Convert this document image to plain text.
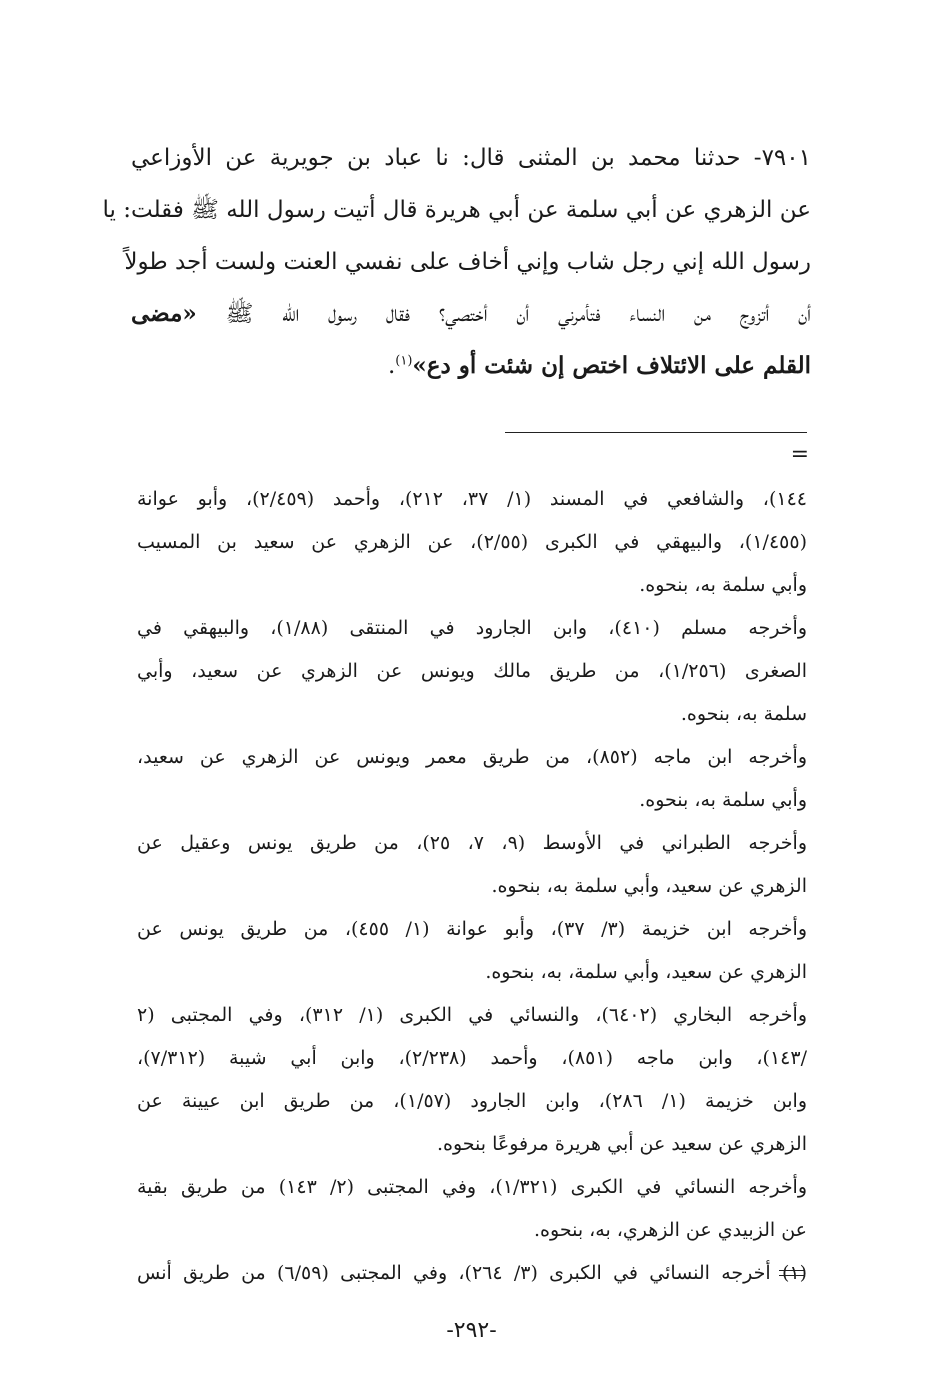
٧٩٠١- حدثنا محمد بن المثنى قال: نا عباد بن جويرية عن الأوزاعي
عن الزهري عن أبي سلمة عن أبي هريرة قال أتيت رسول الله ﷺ فقلت: يا
رسول الله إني رجل شاب وإني أخاف على نفسي العنت ولست أجد طولاً
أن أتزوج من النساء فتأمرني أن أختصي؟ فقال رسول الله ﷺ «مضى
القلم على الائتلاف اختص إن شئت أو دع»$^{(١)}$.
=
١٤٤)، والشافعي في المسند (١/ ٣٧، ٢١٢)، وأحمد (٢/٤٥٩)، وأبو عوانة
(١/٤٥٥)، والبيهقي في الكبرى (٢/٥٥)، عن الزهري عن سعيد بن المسيب
وأبي سلمة به، بنحوه.
وأخرجه مسلم (٤١٠)، وابن الجارود في المنتقى (١/٨٨)، والبيهقي في
الصغرى (١/٢٥٦)، من طريق مالك ويونس عن الزهري عن سعيد، وأبي
سلمة به، بنحوه.
وأخرجه ابن ماجه (٨٥٢)، من طريق معمر ويونس عن الزهري عن سعيد،
وأبي سلمة به، بنحوه.
وأخرجه الطبراني في الأوسط (٩، ٧، ٢٥)، من طريق يونس وعقيل عن
الزهري عن سعيد، وأبي سلمة به، بنحوه.
وأخرجه ابن خزيمة (٣/ ٣٧)، وأبو عوانة (١/ ٤٥٥)، من طريق يونس عن
الزهري عن سعيد، وأبي سلمة، به، بنحوه.
وأخرجه البخاري (٦٤٠٢)، والنسائي في الكبرى (١/ ٣١٢)، وفي المجتبى (٢
/١٤٣)، وابن ماجه (٨٥١)، وأحمد (٢/٢٣٨)، وابن أبي شيبة (٧/٣١٢)،
وابن خزيمة (١/ ٢٨٦)، وابن الجارود (١/٥٧)، من طريق ابن عيينة عن
الزهري عن سعيد عن أبي هريرة مرفوعًا بنحوه.
وأخرجه النسائي في الكبرى (١/٣٢١)، وفي المجتبى (٢/ ١٤٣) من طريق بقية
عن الزبيدي عن الزهري، به، بنحوه.
(١) أخرجه النسائي في الكبرى (٣/ ٢٦٤)، وفي المجتبى (٦/٥٩) من طريق أنس
-٢٩٢-
